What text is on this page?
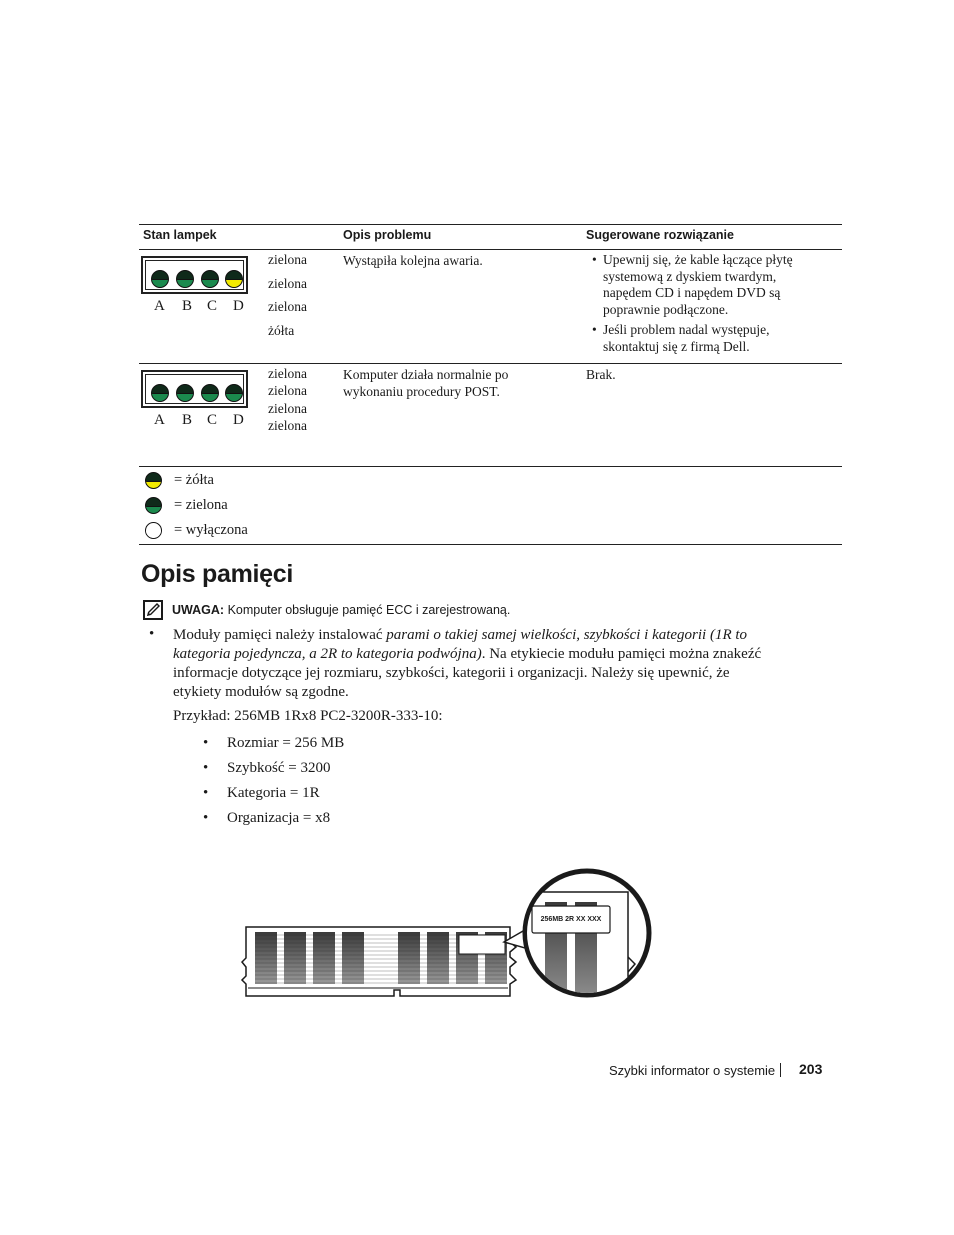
Stan lampek	Opis problemu	Sugerowane rozwiązanie
A B C D
zielona
zielona
zielona
żółta
Wystąpiła kolejna awaria.
•	Upewnij się, że kable łączące płytę systemową z dyskiem twardym, napędem CD i napędem DVD są poprawnie podłączone.
• Jeśli problem nadal występuje, skontaktuj się z firmą Dell.
A B C D
zielona
zielona
zielona
zielona
Komputer działa normalnie po wykonaniu procedury POST.
Brak.
= żółta
= zielona
= wyłączona
Opis pamięci
UWAGA: Komputer obsługuje pamięć ECC i zarejestrowaną.
• Moduły pamięci należy instalować parami o takiej samej wielkości, szybkości i kategorii (1R to kategoria pojedyncza, a 2R to kategoria podwójna). Na etykiecie modułu pamięci można znakeźć informacje dotyczące jej rozmiaru, szybkości, kategorii i organizacji. Należy się upewnić, że etykiety modułów są zgodne.

Przykład: 256MB 1Rx8 PC2-3200R-333-10:
• Rozmiar = 256 MB
• Szybkość = 3200
• Kategoria = 1R
• Organizacja = x8
256MB 2R XX XXX
Szybki informator o systemie 203
